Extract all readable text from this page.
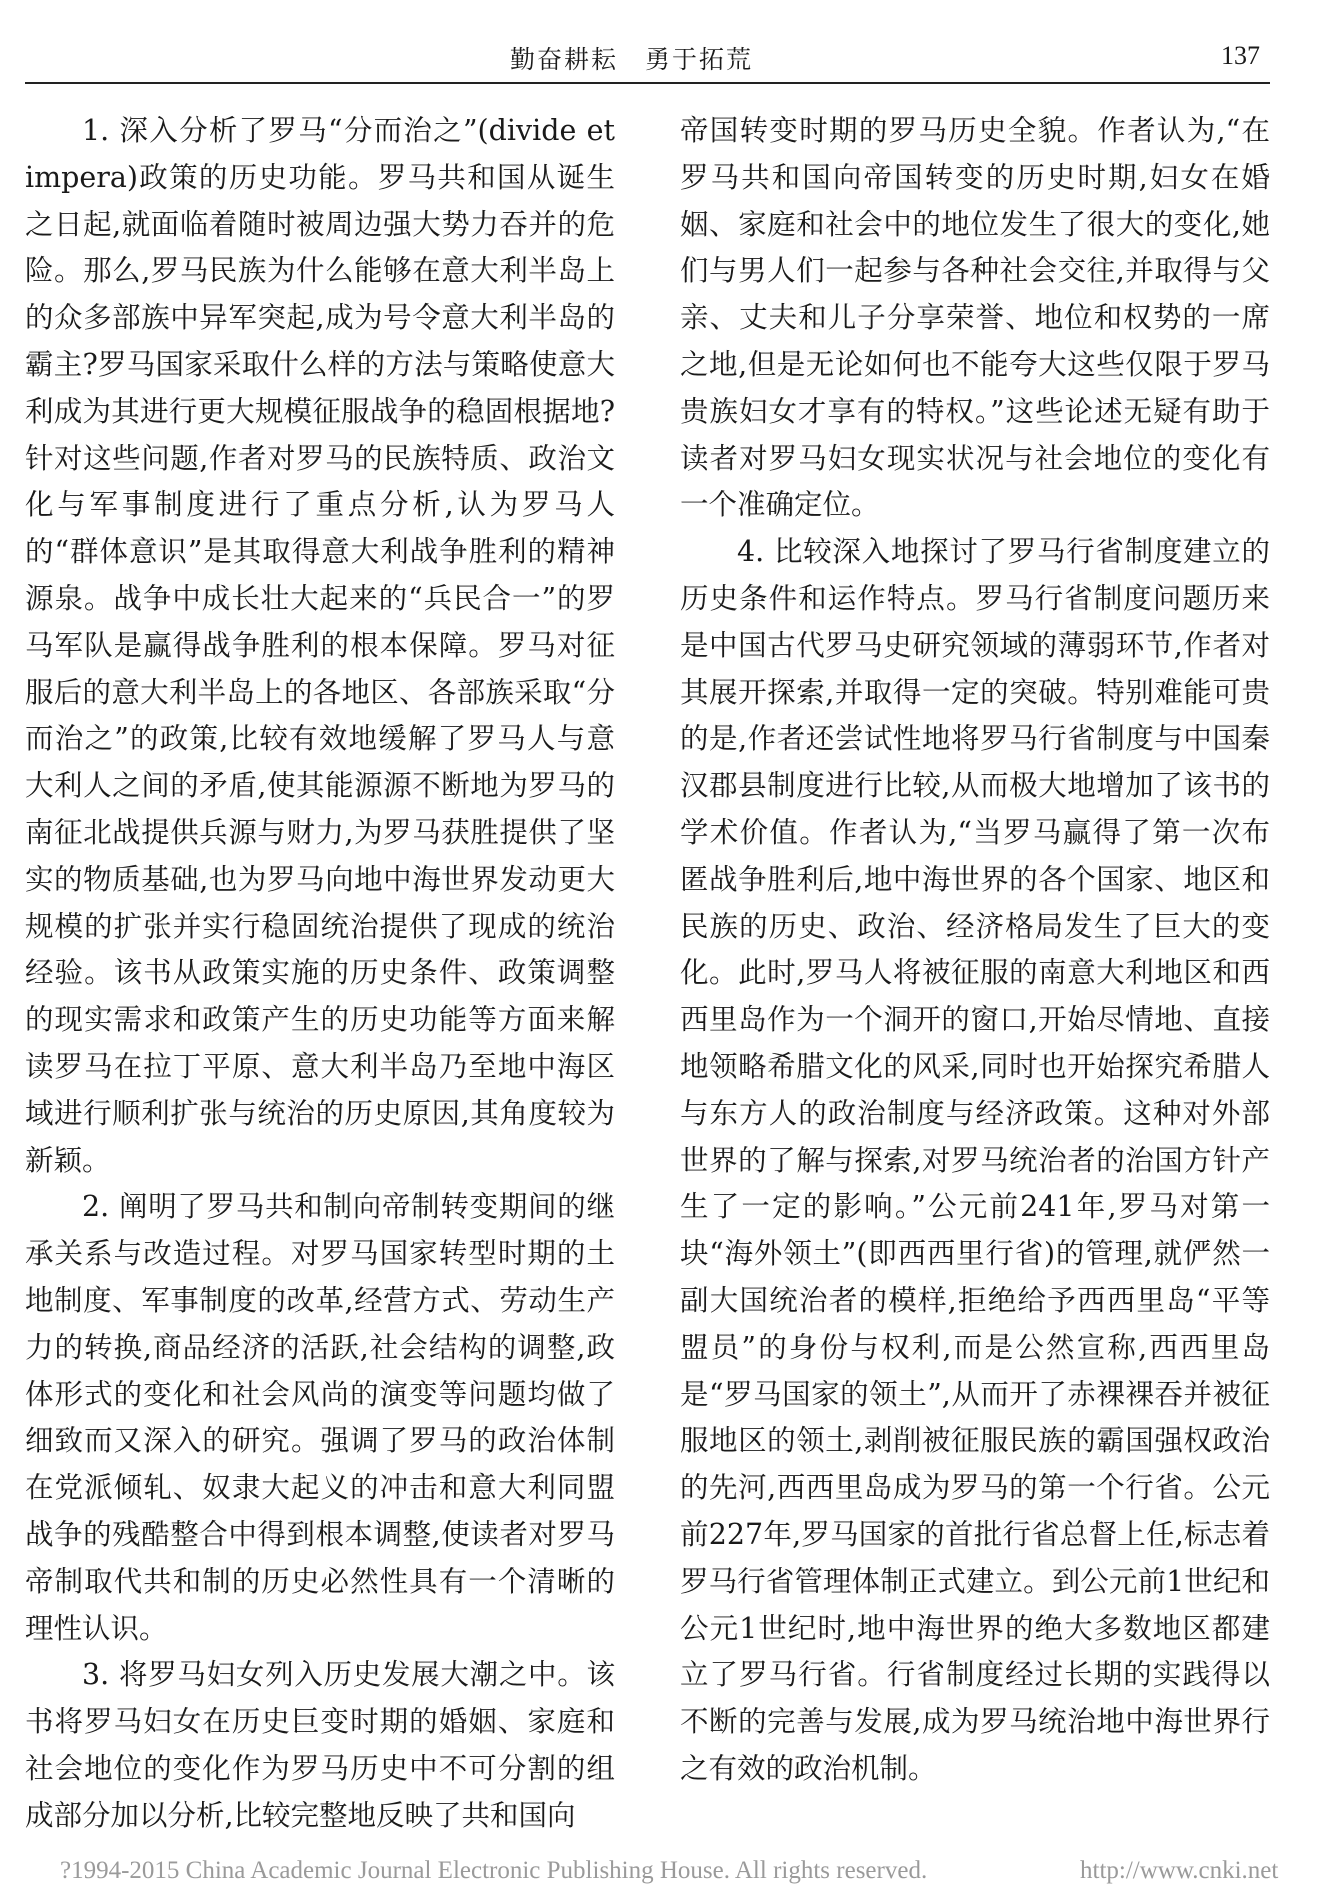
勤奋耕耘　勇于拓荒	137

1. 深入分析了罗马“分而治之”(divide et impera)政策的历史功能。罗马共和国从诞生之日起,就面临着随时被周边强大势力吞并的危险。那么,罗马民族为什么能够在意大利半岛上的众多部族中异军突起,成为号令意大利半岛的霸主?罗马国家采取什么样的方法与策略使意大利成为其进行更大规模征服战争的稳固根据地?针对这些问题,作者对罗马的民族特质、政治文化与军事制度进行了重点分析,认为罗马人的“群体意识”是其取得意大利战争胜利的精神源泉。战争中成长壮大起来的“兵民合一”的罗马军队是赢得战争胜利的根本保障。罗马对征服后的意大利半岛上的各地区、各部族采取“分而治之”的政策,比较有效地缓解了罗马人与意大利人之间的矛盾,使其能源源不断地为罗马的南征北战提供兵源与财力,为罗马获胜提供了坚实的物质基础,也为罗马向地中海世界发动更大规模的扩张并实行稳固统治提供了现成的统治经验。该书从政策实施的历史条件、政策调整的现实需求和政策产生的历史功能等方面来解读罗马在拉丁平原、意大利半岛乃至地中海区域进行顺利扩张与统治的历史原因,其角度较为新颖。

2. 阐明了罗马共和制向帝制转变期间的继承关系与改造过程。对罗马国家转型时期的土地制度、军事制度的改革,经营方式、劳动生产力的转换,商品经济的活跃,社会结构的调整,政体形式的变化和社会风尚的演变等问题均做了细致而又深入的研究。强调了罗马的政治体制在党派倾轧、奴隶大起义的冲击和意大利同盟战争的残酷整合中得到根本调整,使读者对罗马帝制取代共和制的历史必然性具有一个清晰的理性认识。

3. 将罗马妇女列入历史发展大潮之中。该书将罗马妇女在历史巨变时期的婚姻、家庭和社会地位的变化作为罗马历史中不可分割的组成部分加以分析,比较完整地反映了共和国向

帝国转变时期的罗马历史全貌。作者认为,“在罗马共和国向帝国转变的历史时期,妇女在婚姻、家庭和社会中的地位发生了很大的变化,她们与男人们一起参与各种社会交往,并取得与父亲、丈夫和儿子分享荣誉、地位和权势的一席之地,但是无论如何也不能夸大这些仅限于罗马贵族妇女才享有的特权。”这些论述无疑有助于读者对罗马妇女现实状况与社会地位的变化有一个准确定位。

4. 比较深入地探讨了罗马行省制度建立的历史条件和运作特点。罗马行省制度问题历来是中国古代罗马史研究领域的薄弱环节,作者对其展开探索,并取得一定的突破。特别难能可贵的是,作者还尝试性地将罗马行省制度与中国秦汉郡县制度进行比较,从而极大地增加了该书的学术价值。作者认为,“当罗马赢得了第一次布匿战争胜利后,地中海世界的各个国家、地区和民族的历史、政治、经济格局发生了巨大的变化。此时,罗马人将被征服的南意大利地区和西西里岛作为一个洞开的窗口,开始尽情地、直接地领略希腊文化的风采,同时也开始探究希腊人与东方人的政治制度与经济政策。这种对外部世界的了解与探索,对罗马统治者的治国方针产生了一定的影响。”公元前241年,罗马对第一块“海外领土”(即西西里行省)的管理,就俨然一副大国统治者的模样,拒绝给予西西里岛“平等盟员”的身份与权利,而是公然宣称,西西里岛是“罗马国家的领土”,从而开了赤裸裸吞并被征服地区的领土,剥削被征服民族的霸国强权政治的先河,西西里岛成为罗马的第一个行省。公元前227年,罗马国家的首批行省总督上任,标志着罗马行省管理体制正式建立。到公元前1世纪和公元1世纪时,地中海世界的绝大多数地区都建立了罗马行省。行省制度经过长期的实践得以不断的完善与发展,成为罗马统治地中海世界行之有效的政治机制。

?1994-2015 China Academic Journal Electronic Publishing House. All rights reserved.	http://www.cnki.net
